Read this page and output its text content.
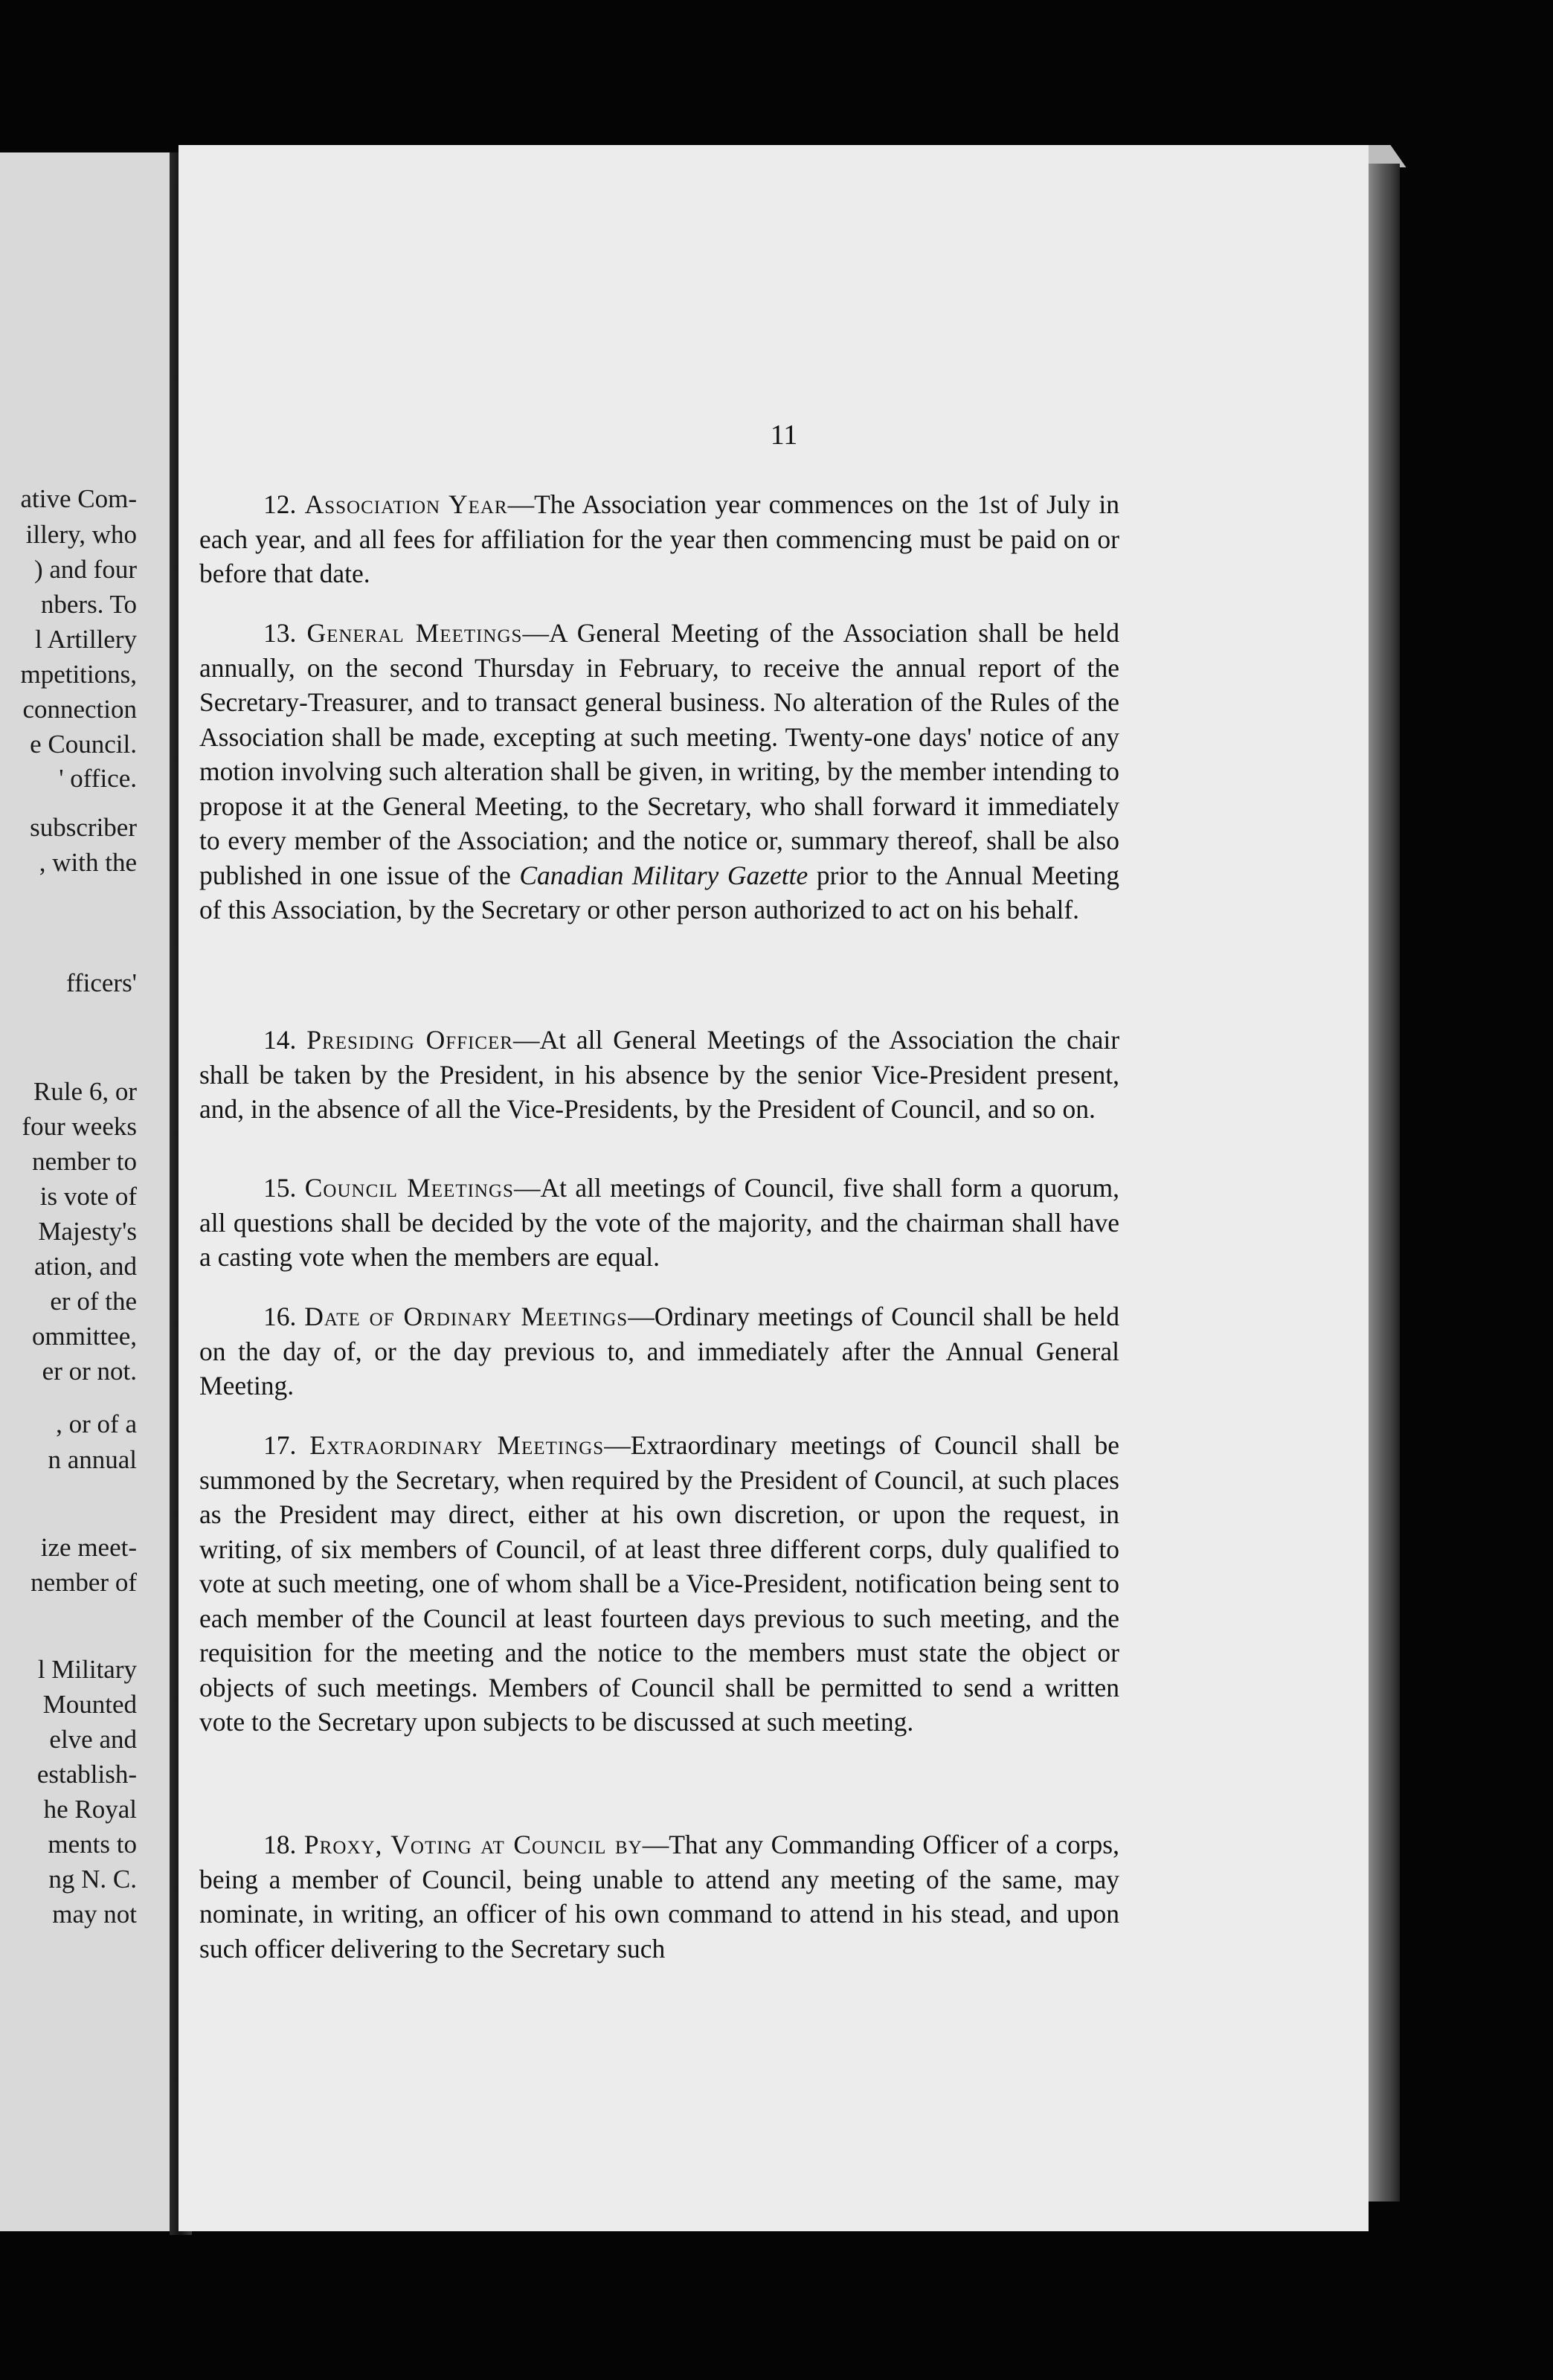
ative Com-
illery, who
) and four
nbers. To
l Artillery
mpetitions,
connection
e Council.
' office.
subscriber
, with the
fficers'
Rule 6, or
four weeks
nember to
is vote of
Majesty's
ation, and
er of the
ommittee,
er or not.
, or of a
n annual
ize meet-
nember of
l Military
Mounted
elve and
establish-
he Royal
ments to
ng N. C.
may not
11

12. Association Year—The Association year commences on the 1st of July in each year, and all fees for affiliation for the year then commencing must be paid on or before that date.

13. General Meetings—A General Meeting of the Association shall be held annually, on the second Thursday in February, to receive the annual report of the Secretary-Treasurer, and to transact general business. No alteration of the Rules of the Association shall be made, excepting at such meeting. Twenty-one days' notice of any motion involving such alteration shall be given, in writing, by the member intending to propose it at the General Meeting, to the Secretary, who shall forward it immediately to every member of the Association; and the notice or, summary thereof, shall be also published in one issue of the Canadian Military Gazette prior to the Annual Meeting of this Association, by the Secretary or other person authorized to act on his behalf.

14. Presiding Officer—At all General Meetings of the Association the chair shall be taken by the President, in his absence by the senior Vice-President present, and, in the absence of all the Vice-Presidents, by the President of Council, and so on.

15. Council Meetings—At all meetings of Council, five shall form a quorum, all questions shall be decided by the vote of the majority, and the chairman shall have a casting vote when the members are equal.

16. Date of Ordinary Meetings—Ordinary meetings of Council shall be held on the day of, or the day previous to, and immediately after the Annual General Meeting.

17. Extraordinary Meetings—Extraordinary meetings of Council shall be summoned by the Secretary, when required by the President of Council, at such places as the President may direct, either at his own discretion, or upon the request, in writing, of six members of Council, of at least three different corps, duly qualified to vote at such meeting, one of whom shall be a Vice-President, notification being sent to each member of the Council at least fourteen days previous to such meeting, and the requisition for the meeting and the notice to the members must state the object or objects of such meetings. Members of Council shall be permitted to send a written vote to the Secretary upon subjects to be discussed at such meeting.

18. Proxy, Voting at Council by—That any Commanding Officer of a corps, being a member of Council, being unable to attend any meeting of the same, may nominate, in writing, an officer of his own command to attend in his stead, and upon such officer delivering to the Secretary such
